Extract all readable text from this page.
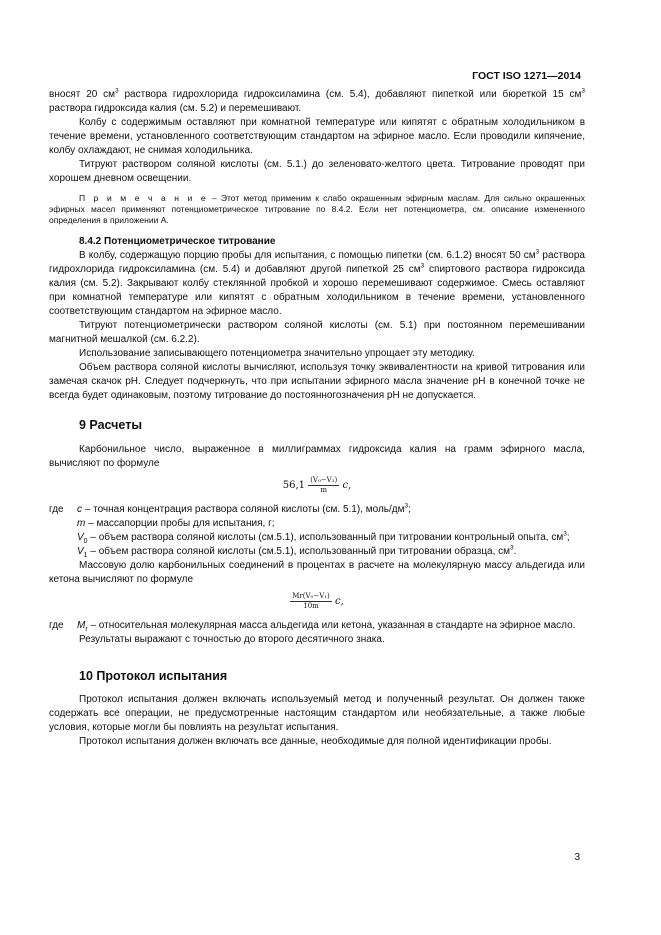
ГОСТ ISO 1271—2014

вносят 20 $см^3$ раствора гидрохлорида гидроксиламина (см. 5.4), добавляют пипеткой или бюреткой 15 $см^3$ раствора гидроксида калия (см. 5.2) и перемешивают.

Колбу с содержимым оставляют при комнатной температуре или кипятят с обратным холодильником в течение времени, установленного соответствующим стандартом на эфирное масло. Если проводили кипячение, колбу охлаждают, не снимая холодильника.

Титруют раствором соляной кислоты (см. 5.1.) до зеленовато-желтого цвета. Титрование проводят при хорошем дневном освещении.

П р и м е ч а н и е – Этот метод применим к слабо окрашенным эфирным маслам. Для сильно окрашенных эфирных масел применяют потенциометрическое титрование по 8.4.2. Если нет потенциометра, см. описание измененного определения в приложении А.

8.4.2 Потенциометрическое титрование

В колбу, содержащую порцию пробы для испытания, с помощью пипетки (см. 6.1.2) вносят 50 $см^3$ раствора гидрохлорида гидроксиламина (см. 5.4) и добавляют другой пипеткой 25 $см^3$ спиртового раствора гидроксида калия (см. 5.2). Закрывают колбу стеклянной пробкой и хорошо перемешивают содержимое. Смесь оставляют при комнатной температуре или кипятят с обратным холодильником в течение времени, установленного соответствующим стандартом на эфирное масло.

Титруют потенциометрически раствором соляной кислоты (см. 5.1) при постоянном перемешивании магнитной мешалкой (см. 6.2.2).

Использование записывающего потенциометра значительно упрощает эту методику.

Объем раствора соляной кислоты вычисляют, используя точку эквивалентности на кривой титрования или замечая скачок pH. Следует подчеркнуть, что при испытании эфирного масла значение pH в конечной точке не всегда будет одинаковым, поэтому титрование до постоянногозначения pH не допускается.

9 Расчеты

Карбонильное число, выраженное в миллиграммах гидроксида калия на грамм эфирного масла, вычисляют по формуле

$56,1 \frac{\text{(V₀−V₁)}}{m} c$,
где	c – точная концентрация раствора соляной кислоты (см. 5.1), моль/$дм^3$;

m – массапорции пробы для испытания, г;

$V_0$ – объем раствора соляной кислоты (см.5.1), использованный при титровании контрольный опыта, $см^3$;

$V_1$ – объем раствора соляной кислоты (см.5.1), использованный при титровании образца, $см^3$.

Массовую долю карбонильных соединений в процентах в расчете на молекулярную массу альдегида или кетона вычисляют по формуле

$\frac{\text{Mr(V₀−V₁)}}{10m} c$,
где	$M_r$ – относительная молекулярная масса альдегида или кетона, указанная в стандарте на эфирное масло.

Результаты выражают с точностью до второго десятичного знака.

10 Протокол испытания

Протокол испытания должен включать используемый метод и полученный результат. Он должен также содержать все операции, не предусмотренные настоящим стандартом или необязательные, а также любые условия, которые могли бы повлиять на результат испытания.

Протокол испытания должен включать все данные, необходимые для полной идентификации пробы.

3
